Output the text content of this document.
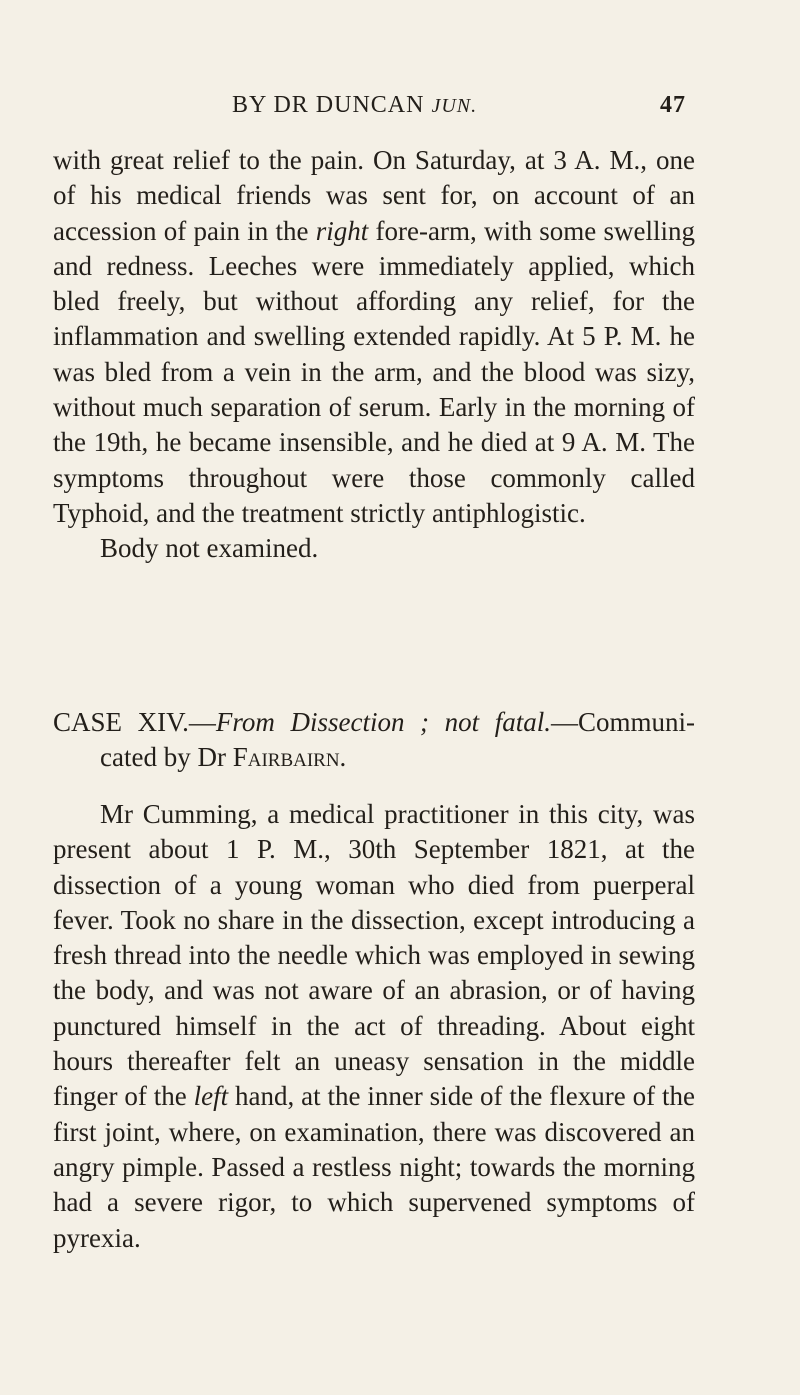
BY DR DUNCAN JUN.	47
with great relief to the pain. On Saturday, at 3 A. M., one of his medical friends was sent for, on account of an accession of pain in the right fore-arm, with some swelling and redness. Leeches were immediately applied, which bled freely, but without affording any relief, for the inflammation and swelling extended rapidly. At 5 P. M. he was bled from a vein in the arm, and the blood was sizy, without much separation of serum. Early in the morning of the 19th, he became insensible, and he died at 9 A. M. The symptoms throughout were those commonly called Typhoid, and the treatment strictly antiphlogistic.
Body not examined.
CASE XIV.—From Dissection ; not fatal.—Communi-
cated by Dr Fairbairn.
Mr Cumming, a medical practitioner in this city, was present about 1 P. M., 30th September 1821, at the dissection of a young woman who died from puerperal fever. Took no share in the dissection, except introducing a fresh thread into the needle which was employed in sewing the body, and was not aware of an abrasion, or of having punctured himself in the act of threading. About eight hours thereafter felt an uneasy sensation in the middle finger of the left hand, at the inner side of the flexure of the first joint, where, on examination, there was discovered an angry pimple. Passed a restless night; towards the morning had a severe rigor, to which supervened symptoms of pyrexia.
